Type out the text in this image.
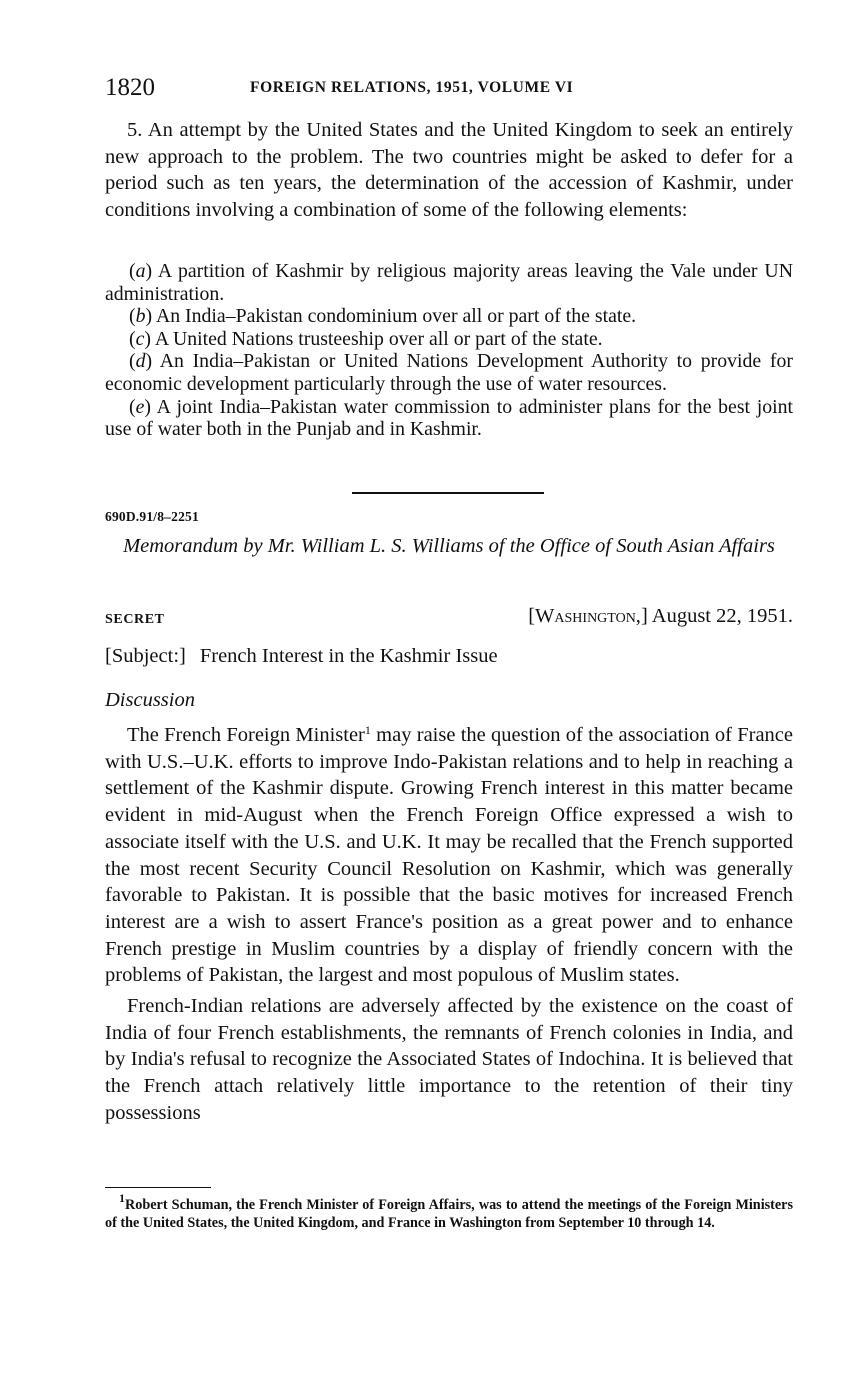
1820	FOREIGN RELATIONS, 1951, VOLUME VI

5. An attempt by the United States and the United Kingdom to seek an entirely new approach to the problem. The two countries might be asked to defer for a period such as ten years, the determination of the accession of Kashmir, under conditions involving a combination of some of the following elements:

(a) A partition of Kashmir by religious majority areas leaving the Vale under UN administration.

(b) An India–Pakistan condominium over all or part of the state.

(c) A United Nations trusteeship over all or part of the state.

(d) An India–Pakistan or United Nations Development Authority to provide for economic development particularly through the use of water resources.

(e) A joint India–Pakistan water commission to administer plans for the best joint use of water both in the Punjab and in Kashmir.

690D.91/8–2251
Memorandum by Mr. William L. S. Williams of the Office of South Asian Affairs
SECRET	[Washington,] August 22, 1951.
[Subject:] French Interest in the Kashmir Issue
Discussion

The French Foreign Minister$^1$ may raise the question of the association of France with U.S.–U.K. efforts to improve Indo-Pakistan relations and to help in reaching a settlement of the Kashmir dispute. Growing French interest in this matter became evident in mid-August when the French Foreign Office expressed a wish to associate itself with the U.S. and U.K. It may be recalled that the French supported the most recent Security Council Resolution on Kashmir, which was generally favorable to Pakistan. It is possible that the basic motives for increased French interest are a wish to assert France's position as a great power and to enhance French prestige in Muslim countries by a display of friendly concern with the problems of Pakistan, the largest and most populous of Muslim states.

French-Indian relations are adversely affected by the existence on the coast of India of four French establishments, the remnants of French colonies in India, and by India's refusal to recognize the Associated States of Indochina. It is believed that the French attach relatively little importance to the retention of their tiny possessions

$^1$Robert Schuman, the French Minister of Foreign Affairs, was to attend the meetings of the Foreign Ministers of the United States, the United Kingdom, and France in Washington from September 10 through 14.
